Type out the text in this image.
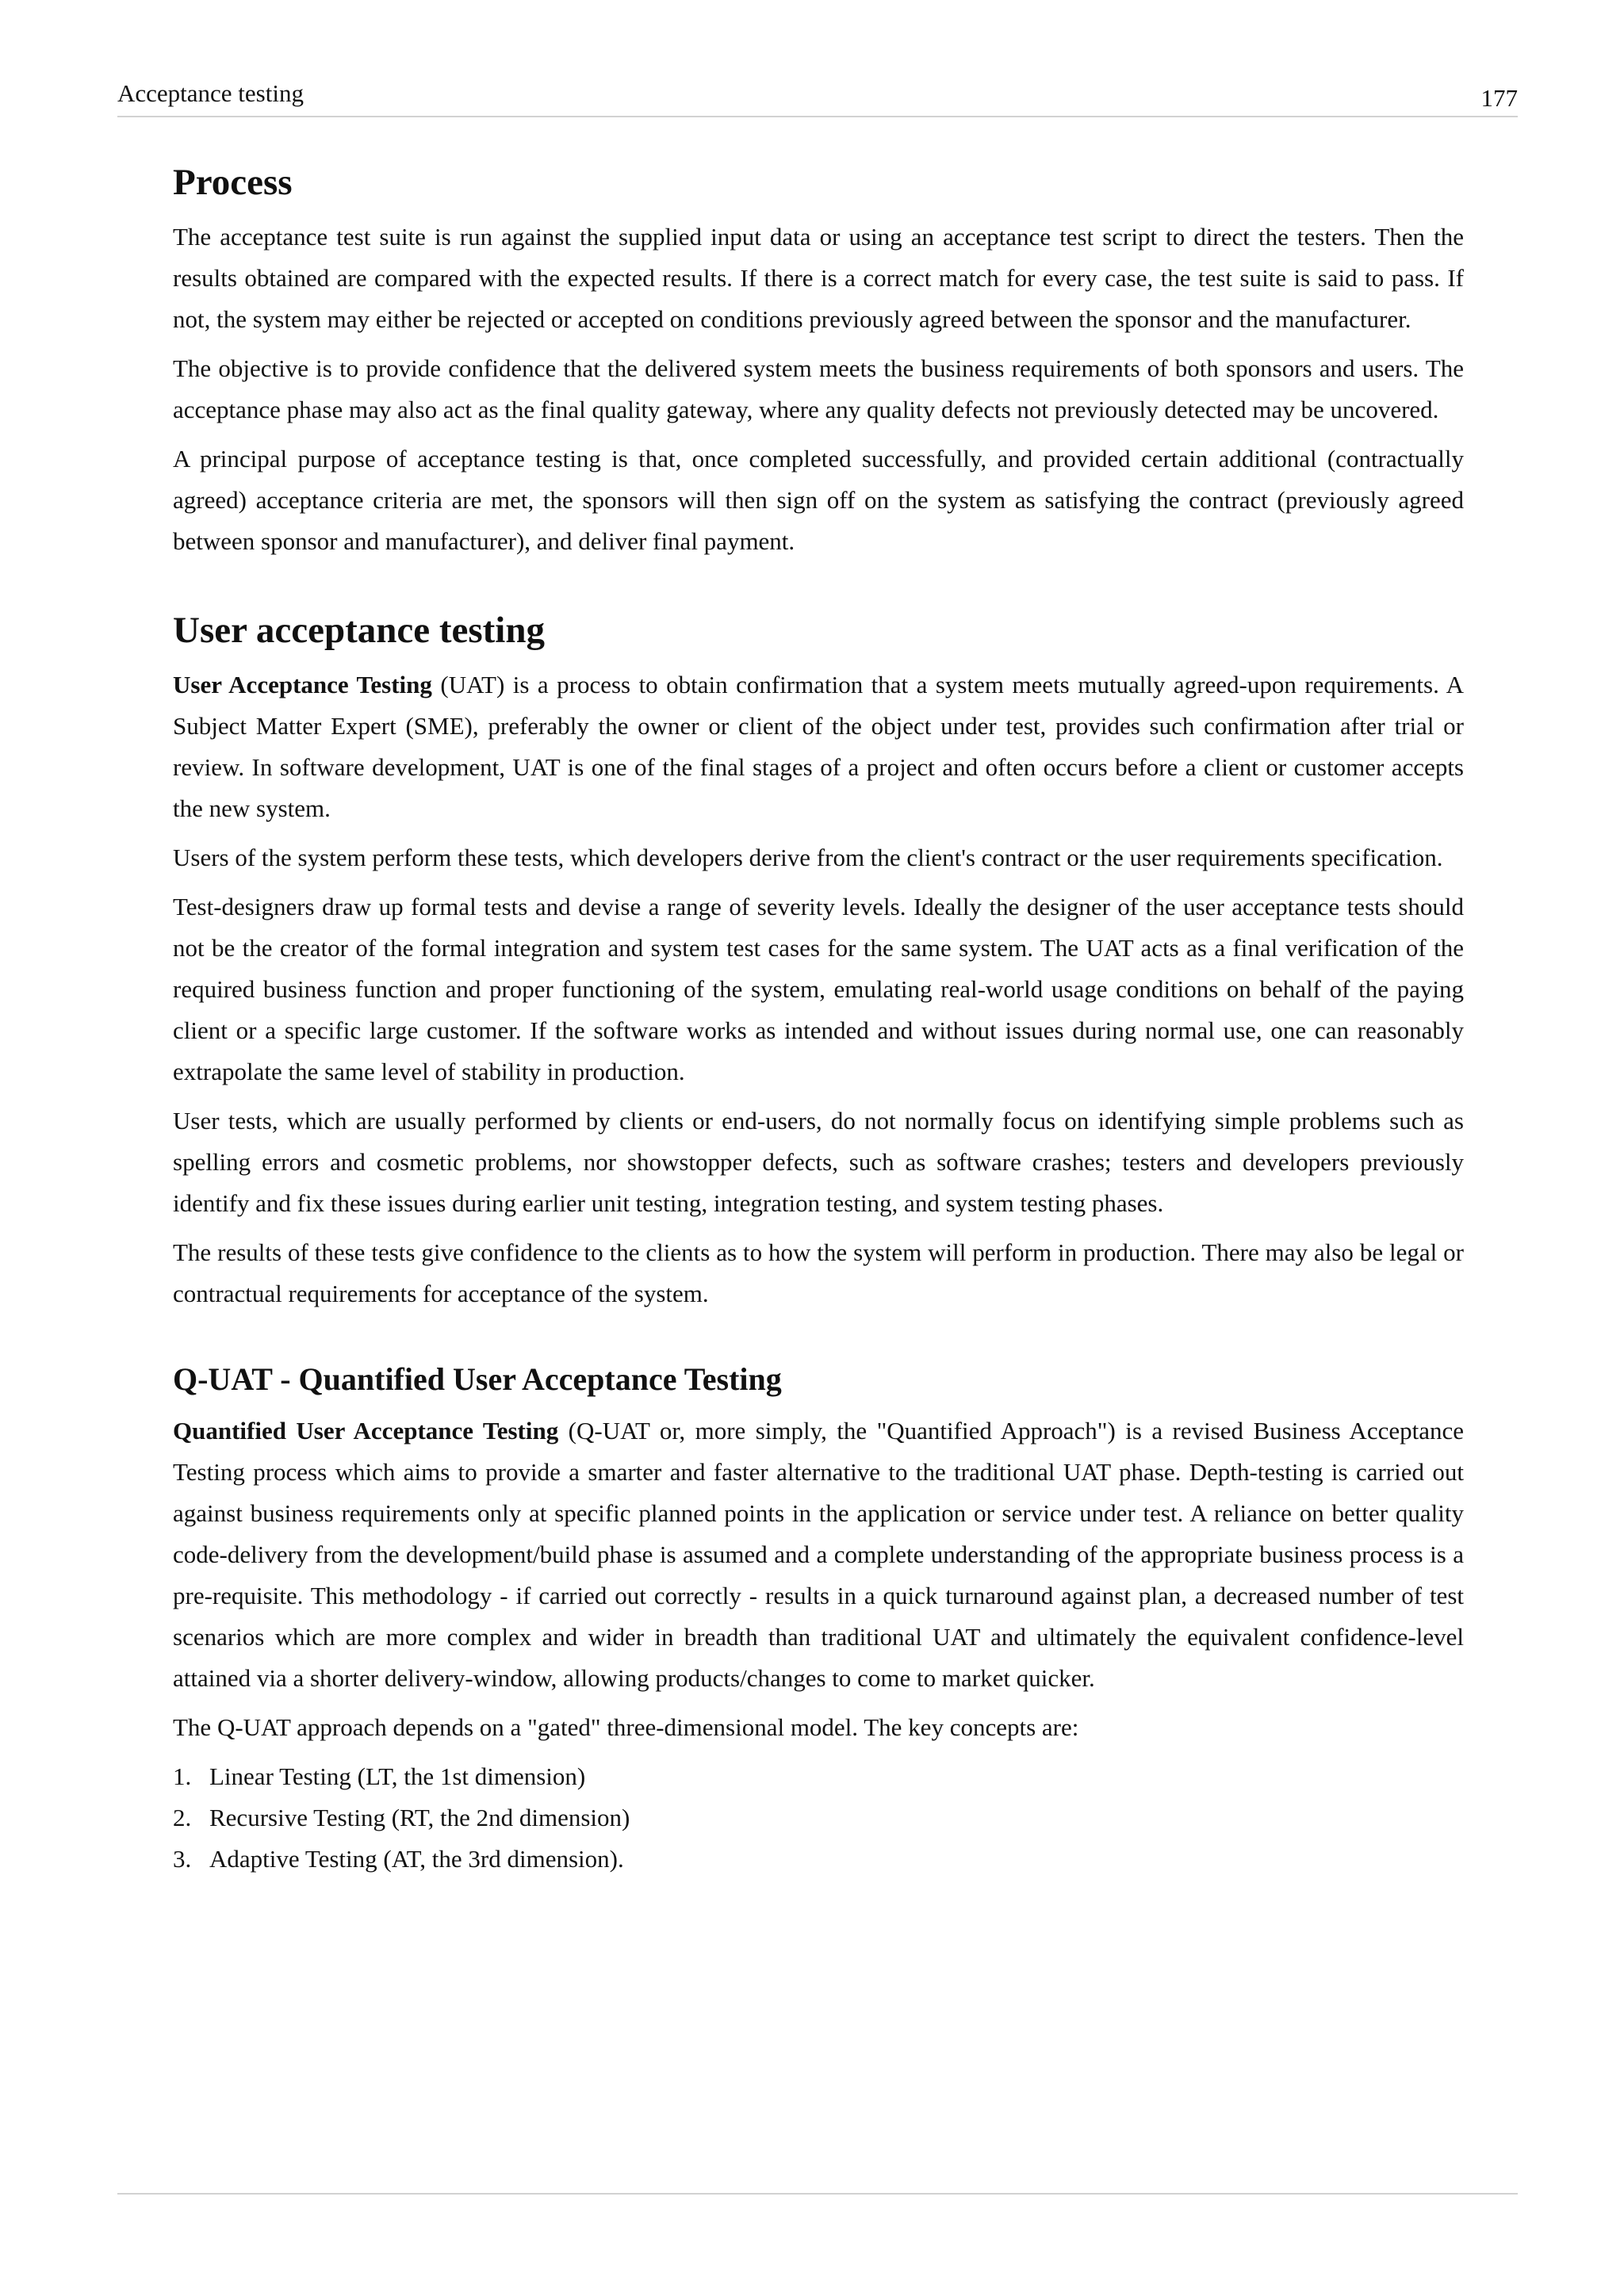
Acceptance testing	177
Process

The acceptance test suite is run against the supplied input data or using an acceptance test script to direct the testers. Then the results obtained are compared with the expected results. If there is a correct match for every case, the test suite is said to pass. If not, the system may either be rejected or accepted on conditions previously agreed between the sponsor and the manufacturer.

The objective is to provide confidence that the delivered system meets the business requirements of both sponsors and users. The acceptance phase may also act as the final quality gateway, where any quality defects not previously detected may be uncovered.

A principal purpose of acceptance testing is that, once completed successfully, and provided certain additional (contractually agreed) acceptance criteria are met, the sponsors will then sign off on the system as satisfying the contract (previously agreed between sponsor and manufacturer), and deliver final payment.

User acceptance testing

User Acceptance Testing (UAT) is a process to obtain confirmation that a system meets mutually agreed-upon requirements. A Subject Matter Expert (SME), preferably the owner or client of the object under test, provides such confirmation after trial or review. In software development, UAT is one of the final stages of a project and often occurs before a client or customer accepts the new system.

Users of the system perform these tests, which developers derive from the client's contract or the user requirements specification.

Test-designers draw up formal tests and devise a range of severity levels. Ideally the designer of the user acceptance tests should not be the creator of the formal integration and system test cases for the same system. The UAT acts as a final verification of the required business function and proper functioning of the system, emulating real-world usage conditions on behalf of the paying client or a specific large customer. If the software works as intended and without issues during normal use, one can reasonably extrapolate the same level of stability in production.

User tests, which are usually performed by clients or end-users, do not normally focus on identifying simple problems such as spelling errors and cosmetic problems, nor showstopper defects, such as software crashes; testers and developers previously identify and fix these issues during earlier unit testing, integration testing, and system testing phases.

The results of these tests give confidence to the clients as to how the system will perform in production. There may also be legal or contractual requirements for acceptance of the system.

Q-UAT - Quantified User Acceptance Testing

Quantified User Acceptance Testing (Q-UAT or, more simply, the "Quantified Approach") is a revised Business Acceptance Testing process which aims to provide a smarter and faster alternative to the traditional UAT phase. Depth-testing is carried out against business requirements only at specific planned points in the application or service under test. A reliance on better quality code-delivery from the development/build phase is assumed and a complete understanding of the appropriate business process is a pre-requisite. This methodology - if carried out correctly - results in a quick turnaround against plan, a decreased number of test scenarios which are more complex and wider in breadth than traditional UAT and ultimately the equivalent confidence-level attained via a shorter delivery-window, allowing products/changes to come to market quicker.

The Q-UAT approach depends on a "gated" three-dimensional model. The key concepts are:

1. Linear Testing (LT, the 1st dimension)
2. Recursive Testing (RT, the 2nd dimension)
3. Adaptive Testing (AT, the 3rd dimension).
